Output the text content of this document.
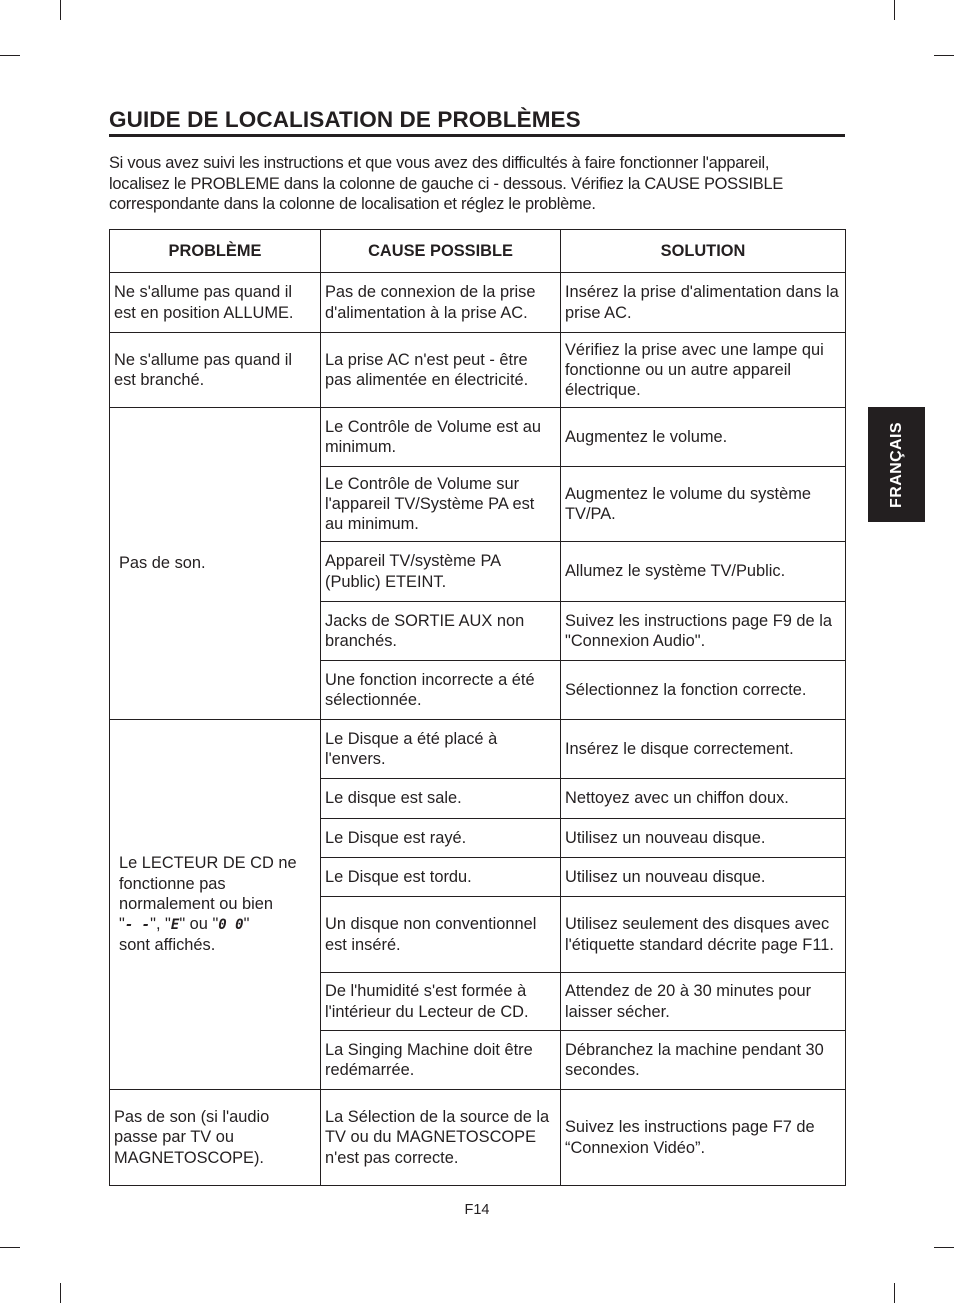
GUIDE DE LOCALISATION DE PROBLÈMES
Si vous avez suivi les instructions et que vous avez des difficultés à faire fonctionner l'appareil,
localisez le PROBLEME dans la colonne de gauche ci - dessous. Vérifiez la CAUSE POSSIBLE
correspondante dans la colonne de localisation et réglez le problème.
PROBLÈME	CAUSE POSSIBLE	SOLUTION
Ne s'allume pas quand il est en position ALLUME.	Pas de connexion de la prise d'alimentation à la prise AC.	Insérez la prise d'alimentation dans la prise AC.
Ne s'allume pas quand il est branché.	La prise AC n'est peut - être pas alimentée en électricité.	Vérifiez la prise avec une lampe qui fonctionne ou un autre appareil électrique.
Pas de son.	Le Contrôle de Volume est au minimum.	Augmentez le volume.
	Le Contrôle de Volume sur l'appareil TV/Système PA est au minimum.	Augmentez le volume du système TV/PA.
	Appareil TV/système PA (Public) ETEINT.	Allumez le système TV/Public.
	Jacks de SORTIE AUX non branchés.	Suivez les instructions page F9 de la "Connexion Audio".
	Une fonction incorrecte a été sélectionnée.	Sélectionnez la fonction correcte.
Le LECTEUR DE CD ne fonctionne pas normalement ou bien
"- -", "E" ou "0 0"
sont affichés.	Le Disque a été placé à l'envers.	Insérez le disque correctement.
	Le disque est sale.	Nettoyez avec un chiffon doux.
	Le Disque est rayé.	Utilisez un nouveau disque.
	Le Disque est tordu.	Utilisez un nouveau disque.
	Un disque non conventionnel est inséré.	Utilisez seulement des disques avec l'étiquette standard décrite page F11.
	De l'humidité s'est formée à l'intérieur du Lecteur de CD.	Attendez de 20 à 30 minutes pour laisser sécher.
	La Singing Machine doit être redémarrée.	Débranchez la machine pendant 30 secondes.
Pas de son (si l'audio passe par TV ou MAGNETOSCOPE).	La Sélection de la source de la TV ou du MAGNETOSCOPE n'est pas correcte.	Suivez les instructions page F7 de “Connexion Vidéo”.
FRANÇAIS
F14
